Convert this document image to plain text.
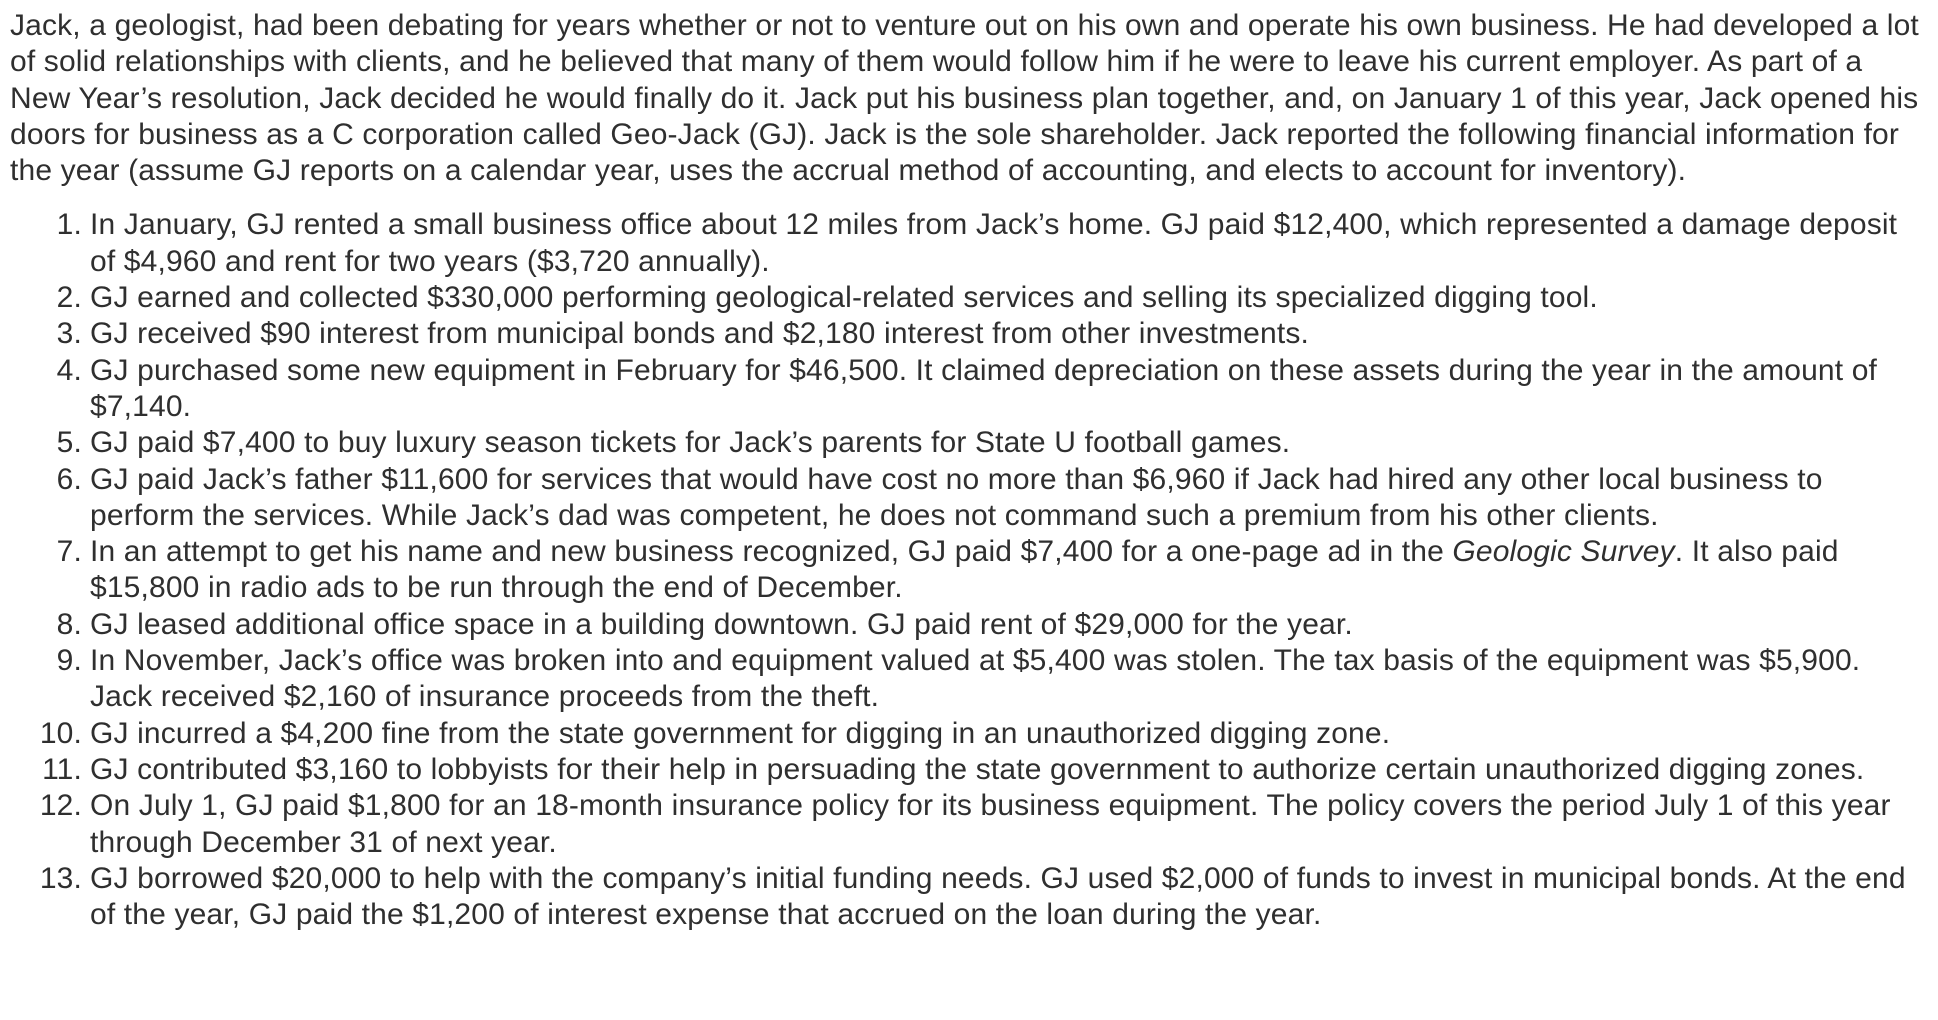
Jack, a geologist, had been debating for years whether or not to venture out on his own and operate his own business. He had developed a lot of solid relationships with clients, and he believed that many of them would follow him if he were to leave his current employer. As part of a New Year’s resolution, Jack decided he would finally do it. Jack put his business plan together, and, on January 1 of this year, Jack opened his doors for business as a C corporation called Geo-Jack (GJ). Jack is the sole shareholder. Jack reported the following financial information for the year (assume GJ reports on a calendar year, uses the accrual method of accounting, and elects to account for inventory).

1. In January, GJ rented a small business office about 12 miles from Jack’s home. GJ paid $12,400, which represented a damage deposit of $4,960 and rent for two years ($3,720 annually).
2. GJ earned and collected $330,000 performing geological-related services and selling its specialized digging tool.
3. GJ received $90 interest from municipal bonds and $2,180 interest from other investments.
4. GJ purchased some new equipment in February for $46,500. It claimed depreciation on these assets during the year in the amount of $7,140.
5. GJ paid $7,400 to buy luxury season tickets for Jack’s parents for State U football games.
6. GJ paid Jack’s father $11,600 for services that would have cost no more than $6,960 if Jack had hired any other local business to perform the services. While Jack’s dad was competent, he does not command such a premium from his other clients.
7. In an attempt to get his name and new business recognized, GJ paid $7,400 for a one-page ad in the Geologic Survey. It also paid $15,800 in radio ads to be run through the end of December.
8. GJ leased additional office space in a building downtown. GJ paid rent of $29,000 for the year.
9. In November, Jack’s office was broken into and equipment valued at $5,400 was stolen. The tax basis of the equipment was $5,900. Jack received $2,160 of insurance proceeds from the theft.
10. GJ incurred a $4,200 fine from the state government for digging in an unauthorized digging zone.
11. GJ contributed $3,160 to lobbyists for their help in persuading the state government to authorize certain unauthorized digging zones.
12. On July 1, GJ paid $1,800 for an 18-month insurance policy for its business equipment. The policy covers the period July 1 of this year through December 31 of next year.
13. GJ borrowed $20,000 to help with the company’s initial funding needs. GJ used $2,000 of funds to invest in municipal bonds. At the end of the year, GJ paid the $1,200 of interest expense that accrued on the loan during the year.
